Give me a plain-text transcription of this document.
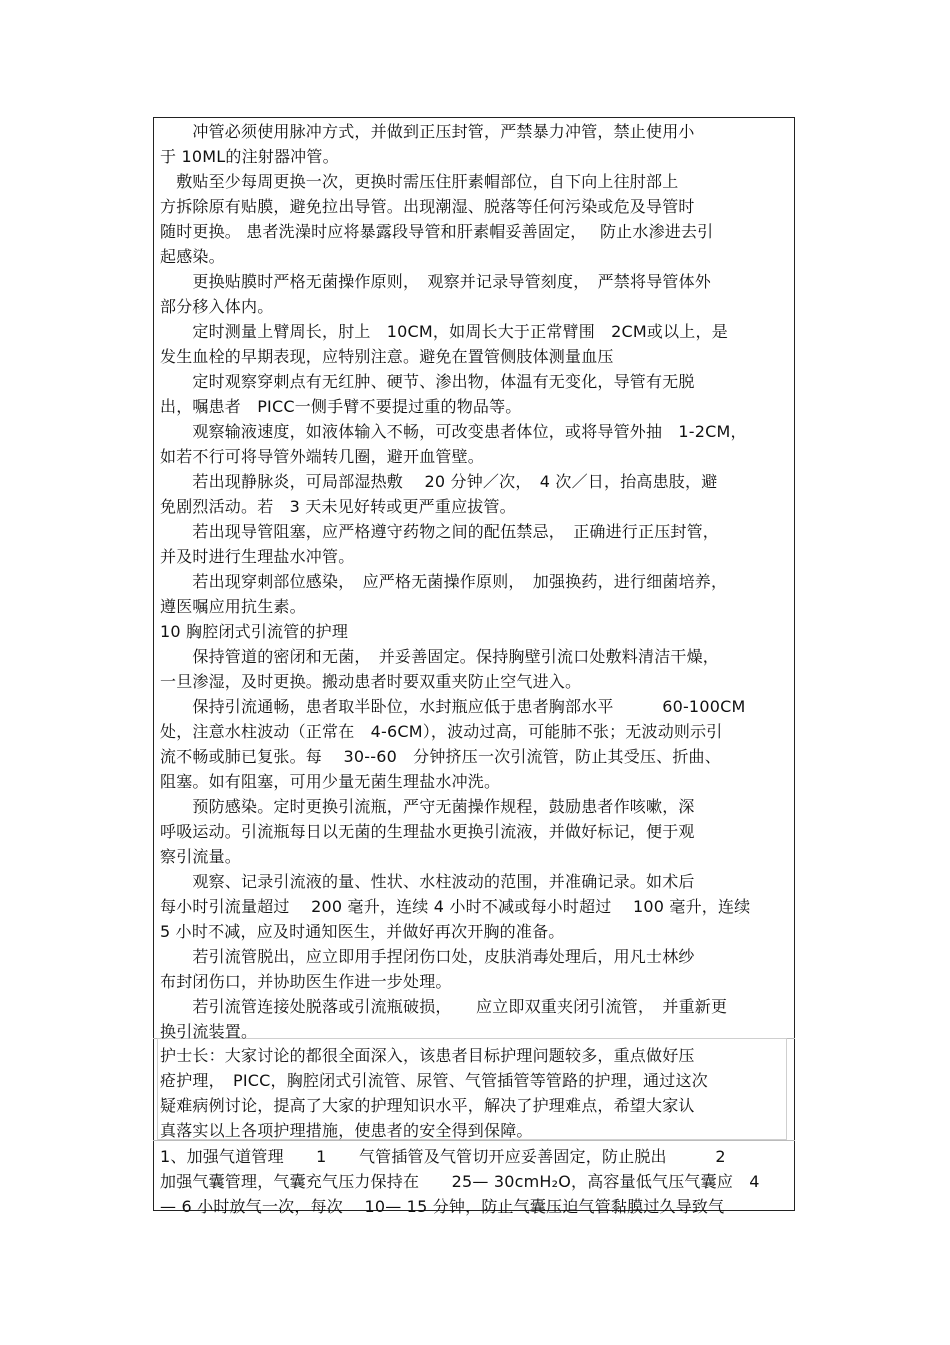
　　冲管必须使用脉冲方式，并做到正压封管，严禁暴力冲管，禁止使用小
于 10ML的注射器冲管。
　敷贴至少每周更换一次，更换时需压住肝素帽部位，自下向上往肘部上
方拆除原有贴膜，避免拉出导管。出现潮湿、脱落等任何污染或危及导管时
随时更换。 患者洗澡时应将暴露段导管和肝素帽妥善固定，　 防止水渗进去引
起感染。
　　更换贴膜时严格无菌操作原则，　观察并记录导管刻度，　严禁将导管体外
部分移入体内。
　　定时测量上臂周长，肘上　10CM，如周长大于正常臂围　2CM或以上，是
发生血栓的早期表现，应特别注意。避免在置管侧肢体测量血压
　　定时观察穿刺点有无红肿、硬节、渗出物，体温有无变化，导管有无脱
出，嘱患者　PICC一侧手臂不要提过重的物品等。
　　观察输液速度，如液体输入不畅，可改变患者体位，或将导管外抽　1-2CM，
如若不行可将导管外端转几圈，避开血管壁。
　　若出现静脉炎，可局部湿热敷　 20 分钟／次，　4 次／日，抬高患肢，避
免剧烈活动。若　3 天未见好转或更严重应拔管。
　　若出现导管阻塞，应严格遵守药物之间的配伍禁忌，　正确进行正压封管，
并及时进行生理盐水冲管。
　　若出现穿刺部位感染，　应严格无菌操作原则，　加强换药，进行细菌培养，
遵医嘱应用抗生素。
10 胸腔闭式引流管的护理
　　保持管道的密闭和无菌，　并妥善固定。保持胸壁引流口处敷料清洁干燥，
一旦渗湿，及时更换。搬动患者时要双重夹防止空气进入。
　　保持引流通畅，患者取半卧位，水封瓶应低于患者胸部水平　　　60-100CM
处，注意水柱波动（正常在　4-6CM），波动过高，可能肺不张；无波动则示引
流不畅或肺已复张。每　 30--60　分钟挤压一次引流管，防止其受压、折曲、
阻塞。如有阻塞，可用少量无菌生理盐水冲洗。
　　预防感染。定时更换引流瓶，严守无菌操作规程，鼓励患者作咳嗽，深
呼吸运动。引流瓶每日以无菌的生理盐水更换引流液，并做好标记，便于观
察引流量。
　　观察、记录引流液的量、性状、水柱波动的范围，并准确记录。如术后
每小时引流量超过　 200 毫升，连续 4 小时不减或每小时超过　 100 毫升，连续
5 小时不减，应及时通知医生，并做好再次开胸的准备。
　　若引流管脱出，应立即用手捏闭伤口处，皮肤消毒处理后，用凡士林纱
布封闭伤口，并协助医生作进一步处理。
　　若引流管连接处脱落或引流瓶破损，　　应立即双重夹闭引流管，　并重新更
换引流装置。
护士长：大家讨论的都很全面深入，该患者目标护理问题较多，重点做好压
疮护理，　PICC，胸腔闭式引流管、尿管、气管插管等管路的护理，通过这次
疑难病例讨论，提高了大家的护理知识水平，解决了护理难点，希望大家认
真落实以上各项护理措施，使患者的安全得到保障。
1、加强气道管理　　1　　气管插管及气管切开应妥善固定，防止脱出　　　2
加强气囊管理，气囊充气压力保持在　　25— 30cmH₂O，高容量低气压气囊应　4
— 6 小时放气一次，每次　 10— 15 分钟，防止气囊压迫气管黏膜过久导致气
